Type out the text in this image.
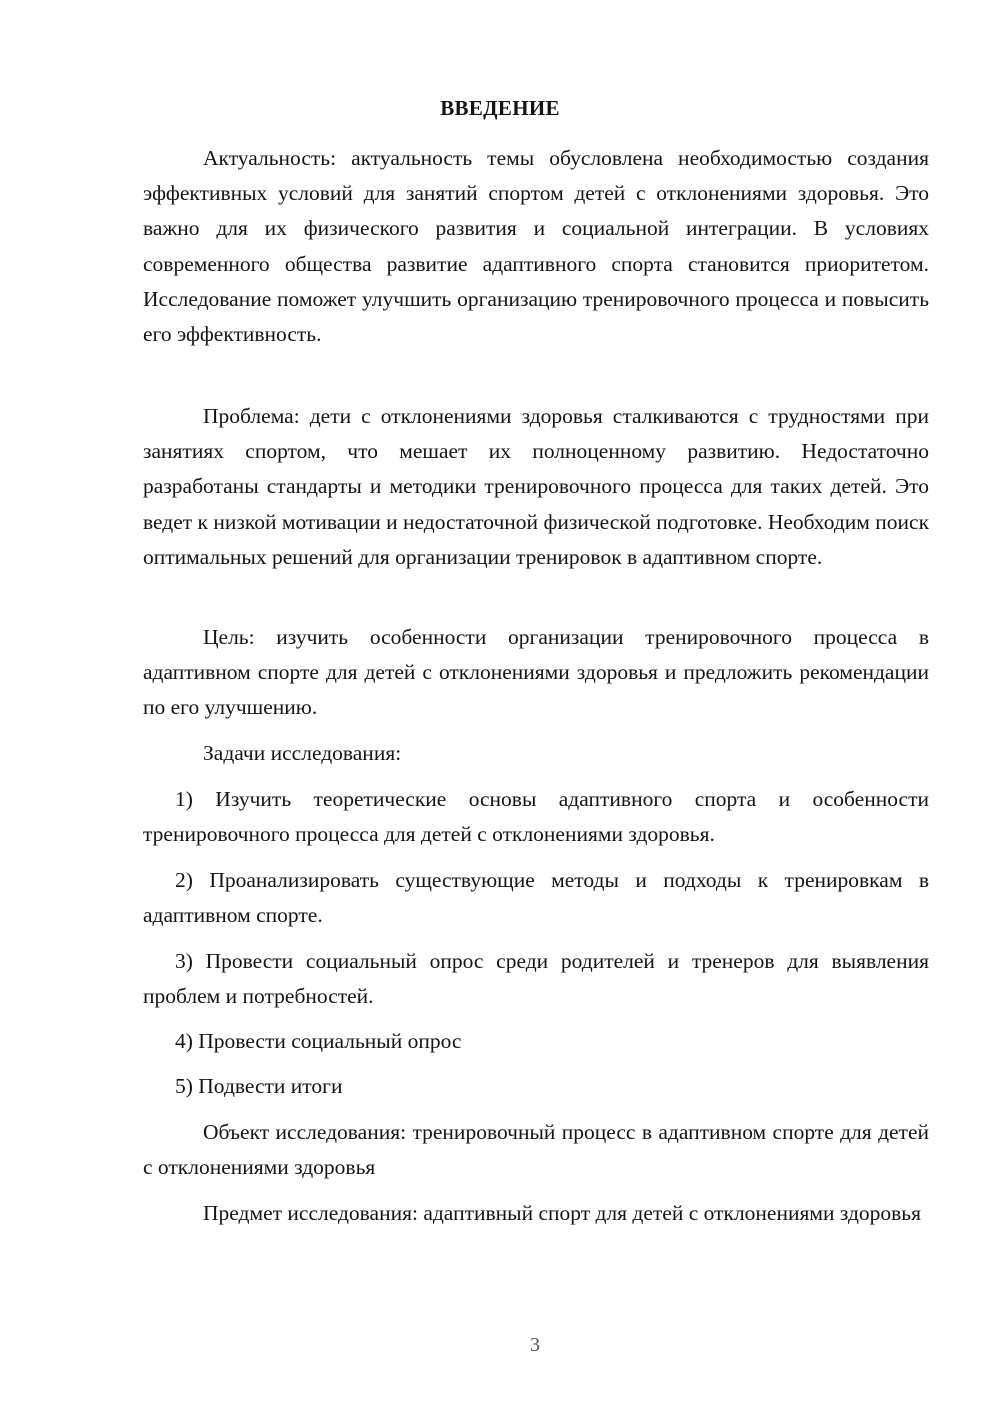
ВВЕДЕНИЕ

Актуальность: актуальность темы обусловлена необходимостью создания эффективных условий для занятий спортом детей с отклонениями здоровья. Это важно для их физического развития и социальной интеграции. В условиях современного общества развитие адаптивного спорта становится приоритетом. Исследование поможет улучшить организацию тренировочного процесса и повысить его эффективность.

Проблема: дети с отклонениями здоровья сталкиваются с трудностями при занятиях спортом, что мешает их полноценному развитию. Недостаточно разработаны стандарты и методики тренировочного процесса для таких детей. Это ведет к низкой мотивации и недостаточной физической подготовке. Необходим поиск оптимальных решений для организации тренировок в адаптивном спорте.

Цель: изучить особенности организации тренировочного процесса в адаптивном спорте для детей с отклонениями здоровья и предложить рекомендации по его улучшению.

Задачи исследования:

1) Изучить теоретические основы адаптивного спорта и особенности тренировочного процесса для детей с отклонениями здоровья.

2) Проанализировать существующие методы и подходы к тренировкам в адаптивном спорте.

3) Провести социальный опрос среди родителей и тренеров для выявления проблем и потребностей.

4) Провести социальный опрос

5) Подвести итоги

Объект исследования: тренировочный процесс в адаптивном спорте для детей с отклонениями здоровья

Предмет исследования: адаптивный спорт для детей с отклонениями здоровья

3
